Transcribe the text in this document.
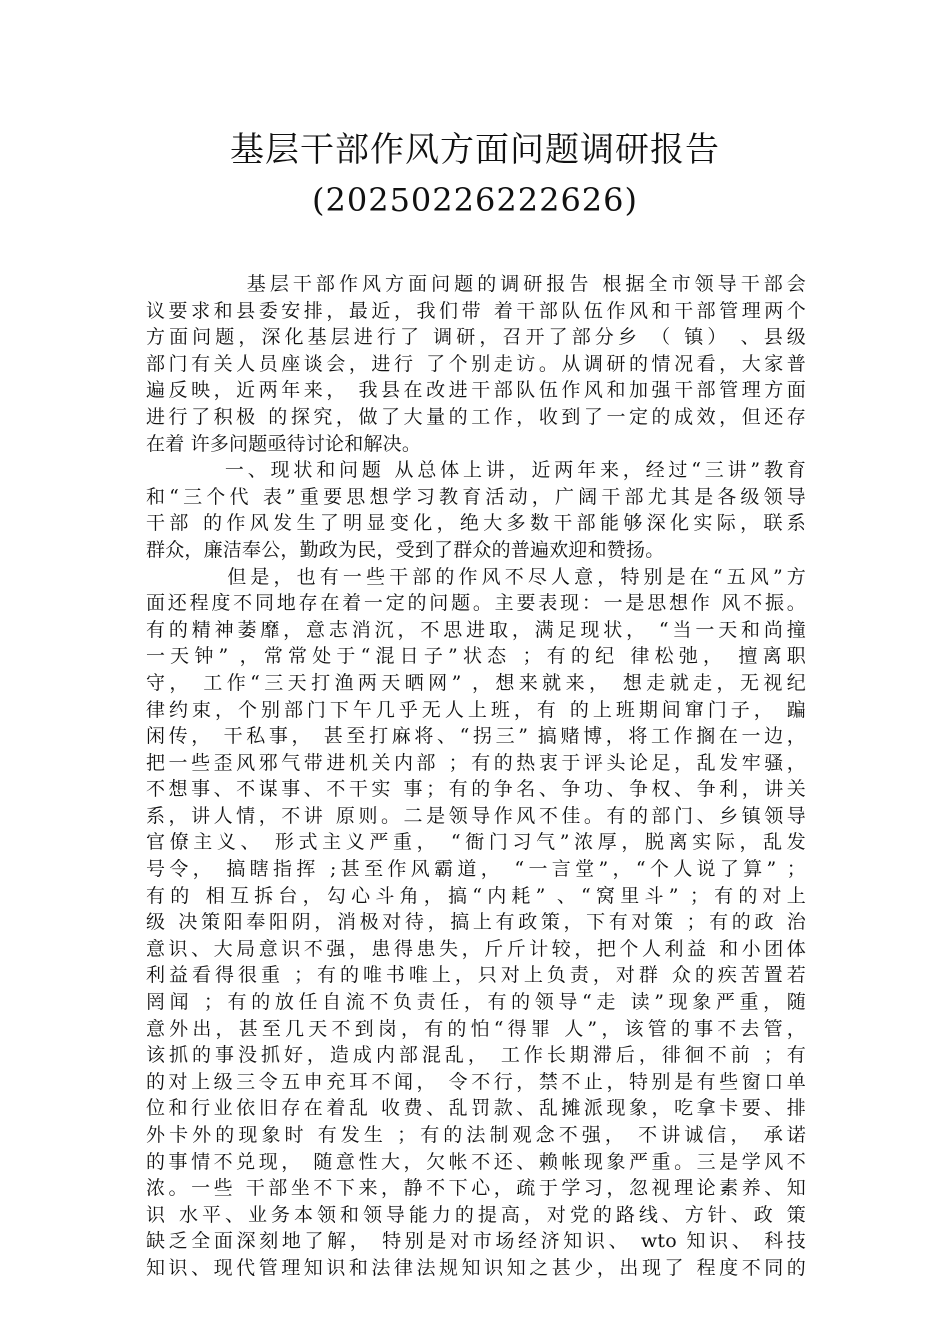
基层干部作风方面问题调研报告
(20250226222626)
基层干部作风方面问题的调研报告 根据全市领导干部会
议要求和县委安排，最近，我们带 着干部队伍作风和干部管理两个
方面问题，深化基层进行了 调研，召开了部分乡 （ 镇） 、县级
部门有关人员座谈会，进行 了个别走访。从调研的情况看，大家普
遍反映，近两年来， 我县在改进干部队伍作风和加强干部管理方面
进行了积极 的探究，做了大量的工作，收到了一定的成效，但还存
在着 许多问题亟待讨论和解决。
一、现状和问题 从总体上讲，近两年来，经过“三讲”教育
和“三个代 表”重要思想学习教育活动，广阔干部尤其是各级领导
干部 的作风发生了明显变化，绝大多数干部能够深化实际，联系
群众，廉洁奉公，勤政为民，受到了群众的普遍欢迎和赞扬。
但是，也有一些干部的作风不尽人意，特别是在“五风”方
面还程度不同地存在着一定的问题。主要表现：一是思想作 风不振。
有的精神萎靡，意志消沉，不思进取，满足现状， “当一天和尚撞
一天钟” ，常常处于“混日子”状态 ；有的纪 律松弛， 擅离职
守， 工作“三天打渔两天晒网” ，想来就来， 想走就走，无视纪
律约束，个别部门下午几乎无人上班，有 的上班期间窜门子， 蹁
闲传， 干私事， 甚至打麻将、“拐三” 搞赌博，将工作搁在一边，
把一些歪风邪气带进机关内部 ；有的热衷于评头论足，乱发牢骚，
不想事、不谋事、不干实 事；有的争名、争功、争权、争利，讲关
系，讲人情，不讲 原则。二是领导作风不佳。有的部门、乡镇领导
官僚主义、 形式主义严重， “衙门习气”浓厚，脱离实际，乱发
号令， 搞瞎指挥 ;甚至作风霸道， “一言堂”，“个人说了算” ；
有的 相互拆台，勾心斗角，搞“内耗” 、“窝里斗” ；有的对上
级 决策阳奉阳阴，消极对待，搞上有政策，下有对策 ；有的政 治
意识、大局意识不强，患得患失，斤斤计较，把个人利益 和小团体
利益看得很重 ；有的唯书唯上，只对上负责，对群 众的疾苦置若
罔闻 ；有的放任自流不负责任，有的领导“走 读”现象严重，随
意外出，甚至几天不到岗，有的怕“得罪 人”，该管的事不去管，
该抓的事没抓好，造成内部混乱， 工作长期滞后，徘徊不前 ；有
的对上级三令五申充耳不闻， 令不行，禁不止，特别是有些窗口单
位和行业依旧存在着乱 收费、乱罚款、乱摊派现象，吃拿卡要、排
外卡外的现象时 有发生 ；有的法制观念不强， 不讲诚信， 承诺
的事情不兑现， 随意性大，欠帐不还、赖帐现象严重。三是学风不
浓。一些 干部坐不下来，静不下心，疏于学习，忽视理论素养、知
识 水平、业务本领和领导能力的提高，对党的路线、方针、政 策
缺乏全面深刻地了解， 特别是对市场经济知识、 wto 知识、 科技
知识、现代管理知识和法律法规知识知之甚少，出现了 程度不同的
